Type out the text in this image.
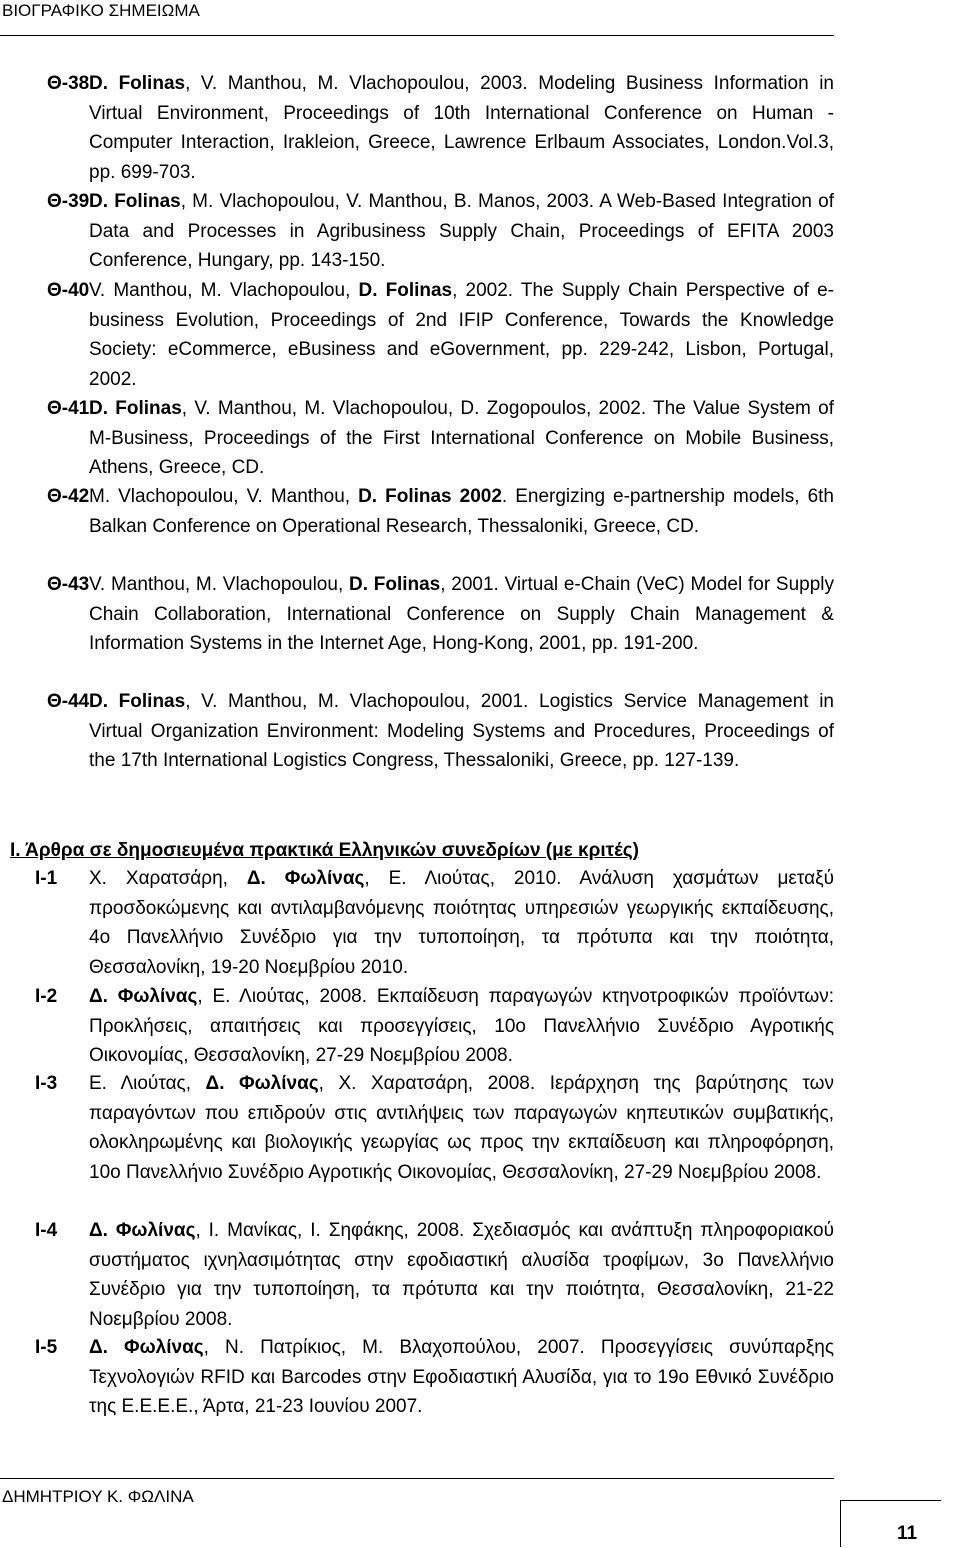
ΒΙΟΓΡΑΦΙΚΟ ΣΗΜΕΙΩΜΑ
Θ-38D. Folinas, V. Manthou, M. Vlachopoulou, 2003. Modeling Business Information in Virtual Environment, Proceedings of 10th International Conference on Human - Computer Interaction, Irakleion, Greece, Lawrence Erlbaum Associates, London.Vol.3, pp. 699-703.
Θ-39D. Folinas, M. Vlachopoulou, V. Manthou, B. Manos, 2003. A Web-Based Integration of Data and Processes in Agribusiness Supply Chain, Proceedings of EFITA 2003 Conference, Hungary, pp. 143-150.
Θ-40V. Manthou, M. Vlachopoulou, D. Folinas, 2002. The Supply Chain Perspective of e-business Evolution, Proceedings of 2nd IFIP Conference, Towards the Knowledge Society: eCommerce, eBusiness and eGovernment, pp. 229-242, Lisbon, Portugal, 2002.
Θ-41D. Folinas, V. Manthou, M. Vlachopoulou, D. Zogopoulos, 2002. The Value System of M-Business, Proceedings of the First International Conference on Mobile Business, Athens, Greece, CD.
Θ-42M. Vlachopoulou, V. Manthou, D. Folinas 2002. Energizing e-partnership models, 6th Balkan Conference on Operational Research, Thessaloniki, Greece, CD.
Θ-43V. Manthou, M. Vlachopoulou, D. Folinas, 2001. Virtual e-Chain (VeC) Model for Supply Chain Collaboration, International Conference on Supply Chain Management & Information Systems in the Internet Age, Hong-Kong, 2001, pp. 191-200.
Θ-44D. Folinas, V. Manthou, M. Vlachopoulou, 2001. Logistics Service Management in Virtual Organization Environment: Modeling Systems and Procedures, Proceedings of the 17th International Logistics Congress, Thessaloniki, Greece, pp. 127-139.
Ι. Άρθρα σε δημοσιευμένα πρακτικά Ελληνικών συνεδρίων (με κριτές)
Ι-1 Χ. Χαρατσάρη, Δ. Φωλίνας, Ε. Λιούτας, 2010. Ανάλυση χασμάτων μεταξύ προσδοκώμενης και αντιλαμβανόμενης ποιότητας υπηρεσιών γεωργικής εκπαίδευσης, 4ο Πανελλήνιο Συνέδριο για την τυποποίηση, τα πρότυπα και την ποιότητα, Θεσσαλονίκη, 19-20 Νοεμβρίου 2010.
Ι-2 Δ. Φωλίνας, Ε. Λιούτας, 2008. Εκπαίδευση παραγωγών κτηνοτροφικών προϊόντων: Προκλήσεις, απαιτήσεις και προσεγγίσεις, 10ο Πανελλήνιο Συνέδριο Αγροτικής Οικονομίας, Θεσσαλονίκη, 27-29 Νοεμβρίου 2008.
Ι-3 Ε. Λιούτας, Δ. Φωλίνας, Χ. Χαρατσάρη, 2008. Ιεράρχηση της βαρύτησης των παραγόντων που επιδρούν στις αντιλήψεις των παραγωγών κηπευτικών συμβατικής, ολοκληρωμένης και βιολογικής γεωργίας ως προς την εκπαίδευση και πληροφόρηση, 10ο Πανελλήνιο Συνέδριο Αγροτικής Οικονομίας, Θεσσαλονίκη, 27-29 Νοεμβρίου 2008.
Ι-4 Δ. Φωλίνας, Ι. Μανίκας, Ι. Σηφάκης, 2008. Σχεδιασμός και ανάπτυξη πληροφοριακού συστήματος ιχνηλασιμότητας στην εφοδιαστική αλυσίδα τροφίμων, 3ο Πανελλήνιο Συνέδριο για την τυποποίηση, τα πρότυπα και την ποιότητα, Θεσσαλονίκη, 21-22 Νοεμβρίου 2008.
Ι-5 Δ. Φωλίνας, Ν. Πατρίκιος, Μ. Βλαχοπούλου, 2007. Προσεγγίσεις συνύπαρξης Τεχνολογιών RFID και Barcodes στην Εφοδιαστική Αλυσίδα, για το 19ο Εθνικό Συνέδριο της Ε.Ε.Ε.Ε., Άρτα, 21-23 Ιουνίου 2007.
ΔΗΜΗΤΡΙΟΥ Κ. ΦΩΛΙΝΑ
11
